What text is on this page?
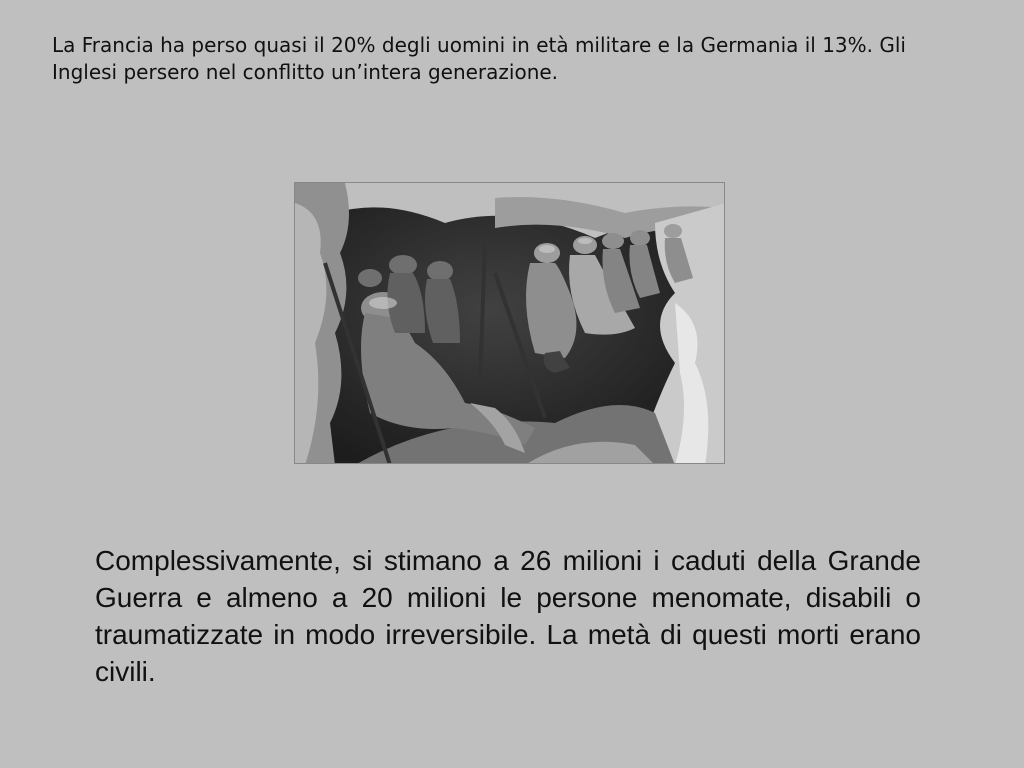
La Francia ha perso quasi il 20% degli uomini in età militare e la Germania il 13%. Gli Inglesi persero nel conflitto un’intera generazione.

Complessivamente, si stimano a 26 milioni i caduti della Grande Guerra e almeno a 20 milioni le persone menomate, disabili o traumatizzate in modo irreversibile. La metà di questi morti erano civili.
